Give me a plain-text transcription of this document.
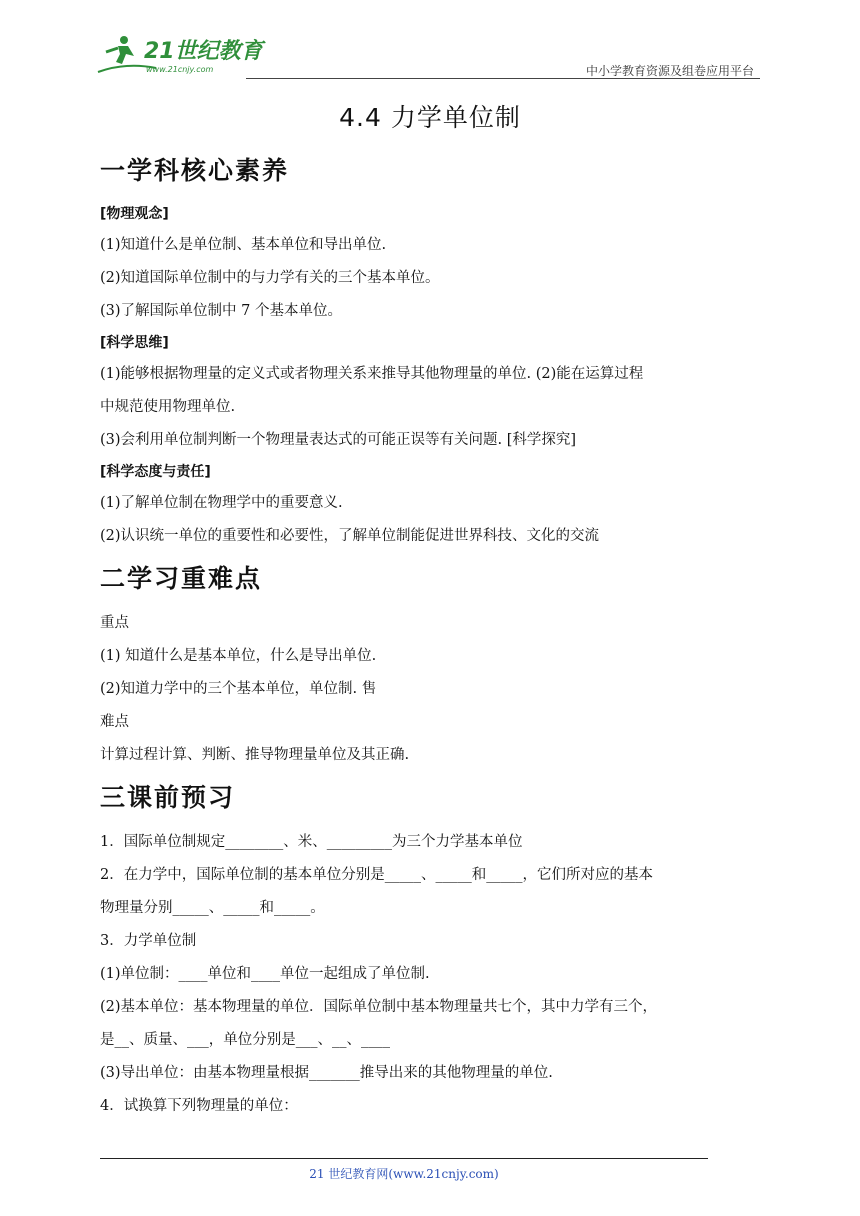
21世纪教育
www.21cnjy.com	中小学教育资源及组卷应用平台
4.4 力学单位制
一学科核心素养
[物理观念]
(1)知道什么是单位制、基本单位和导出单位.
(2)知道国际单位制中的与力学有关的三个基本单位。
(3)了解国际单位制中 7 个基本单位。
[科学思维]
(1)能够根据物理量的定义式或者物理关系来推导其他物理量的单位. (2)能在运算过程
中规范使用物理单位.
(3)会利用单位制判断一个物理量表达式的可能正误等有关问题. [科学探究]
[科学态度与责任]
(1)了解单位制在物理学中的重要意义.
(2)认识统一单位的重要性和必要性，了解单位制能促进世界科技、文化的交流
二学习重难点
重点
(1) 知道什么是基本单位，什么是导出单位.
(2)知道力学中的三个基本单位，单位制. 售
难点
计算过程计算、判断、推导物理量单位及其正确.
三课前预习
1．国际单位制规定________、米、_________为三个力学基本单位
2．在力学中，国际单位制的基本单位分别是_____、_____和_____，它们所对应的基本
物理量分别_____、_____和_____。
3．力学单位制
(1)单位制：____单位和____单位一起组成了单位制.
(2)基本单位：基本物理量的单位．国际单位制中基本物理量共七个，其中力学有三个，
是__、质量、___，单位分别是___、__、____
(3)导出单位：由基本物理量根据_______推导出来的其他物理量的单位.
4．试换算下列物理量的单位：
21 世纪教育网(www.21cnjy.com)
